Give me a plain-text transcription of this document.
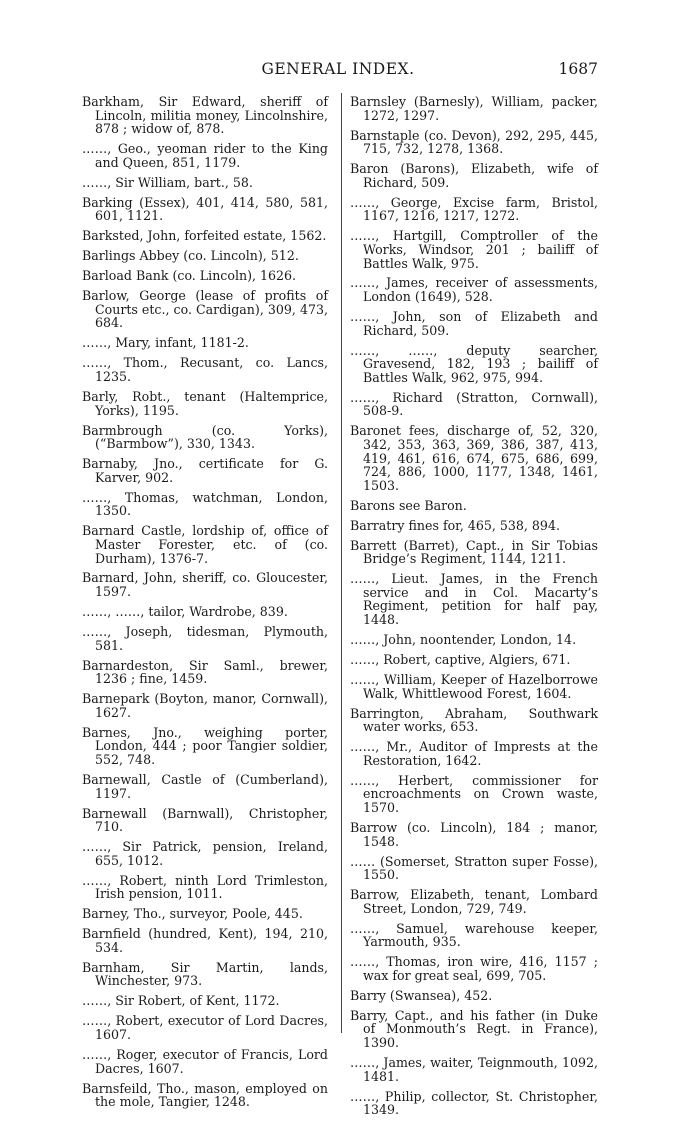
GENERAL INDEX.	1687

Barkham, Sir Edward, sheriff of Lincoln, militia money, Lincolnshire, 878 ; widow of, 878.

……, Geo., yeoman rider to the King and Queen, 851, 1179.

……, Sir William, bart., 58.

Barking (Essex), 401, 414, 580, 581, 601, 1121.

Barksted, John, forfeited estate, 1562.

Barlings Abbey (co. Lincoln), 512.

Barload Bank (co. Lincoln), 1626.

Barlow, George (lease of profits of Courts etc., co. Cardigan), 309, 473, 684.

……, Mary, infant, 1181-2.

……, Thom., Recusant, co. Lancs, 1235.

Barly, Robt., tenant (Haltemprice, Yorks), 1195.

Barmbrough (co. Yorks), (“Barmbow”), 330, 1343.

Barnaby, Jno., certificate for G. Karver, 902.

……, Thomas, watchman, London, 1350.

Barnard Castle, lordship of, office of Master Forester, etc. of (co. Durham), 1376-7.

Barnard, John, sheriff, co. Gloucester, 1597.

……, ……, tailor, Wardrobe, 839.

……, Joseph, tidesman, Plymouth, 581.

Barnardeston, Sir Saml., brewer, 1236 ; fine, 1459.

Barnepark (Boyton, manor, Cornwall), 1627.

Barnes, Jno., weighing porter, London, 444 ; poor Tangier soldier, 552, 748.

Barnewall, Castle of (Cumberland), 1197.

Barnewall (Barnwall), Christopher, 710.

……, Sir Patrick, pension, Ireland, 655, 1012.

……, Robert, ninth Lord Trimleston, Irish pension, 1011.

Barney, Tho., surveyor, Poole, 445.

Barnfield (hundred, Kent), 194, 210, 534.

Barnham, Sir Martin, lands, Winchester, 973.

……, Sir Robert, of Kent, 1172.

……, Robert, executor of Lord Dacres, 1607.

……, Roger, executor of Francis, Lord Dacres, 1607.

Barnsfeild, Tho., mason, employed on the mole, Tangier, 1248.

Barnsley (Barnesly), William, packer, 1272, 1297.

Barnstaple (co. Devon), 292, 295, 445, 715, 732, 1278, 1368.

Baron (Barons), Elizabeth, wife of Richard, 509.

……, George, Excise farm, Bristol, 1167, 1216, 1217, 1272.

……, Hartgill, Comptroller of the Works, Windsor, 201 ; bailiff of Battles Walk, 975.

……, James, receiver of assessments, London (1649), 528.

……, John, son of Elizabeth and Richard, 509.

……, ……, deputy searcher, Gravesend, 182, 193 ; bailiff of Battles Walk, 962, 975, 994.

……, Richard (Stratton, Cornwall), 508-9.

Baronet fees, discharge of, 52, 320, 342, 353, 363, 369, 386, 387, 413, 419, 461, 616, 674, 675, 686, 699, 724, 886, 1000, 1177, 1348, 1461, 1503.

Barons see Baron.

Barratry fines for, 465, 538, 894.

Barrett (Barret), Capt., in Sir Tobias Bridge’s Regiment, 1144, 1211.

……, Lieut. James, in the French service and in Col. Macarty’s Regiment, petition for half pay, 1448.

……, John, noontender, London, 14.

……, Robert, captive, Algiers, 671.

……, William, Keeper of Hazelborrowe Walk, Whittlewood Forest, 1604.

Barrington, Abraham, Southwark water works, 653.

……, Mr., Auditor of Imprests at the Restoration, 1642.

……, Herbert, commissioner for encroachments on Crown waste, 1570.

Barrow (co. Lincoln), 184 ; manor, 1548.

…… (Somerset, Stratton super Fosse), 1550.

Barrow, Elizabeth, tenant, Lombard Street, London, 729, 749.

……, Samuel, warehouse keeper, Yarmouth, 935.

……, Thomas, iron wire, 416, 1157 ; wax for great seal, 699, 705.

Barry (Swansea), 452.

Barry, Capt., and his father (in Duke of Monmouth’s Regt. in France), 1390.

……, James, waiter, Teignmouth, 1092, 1481.

……, Philip, collector, St. Christopher, 1349.
